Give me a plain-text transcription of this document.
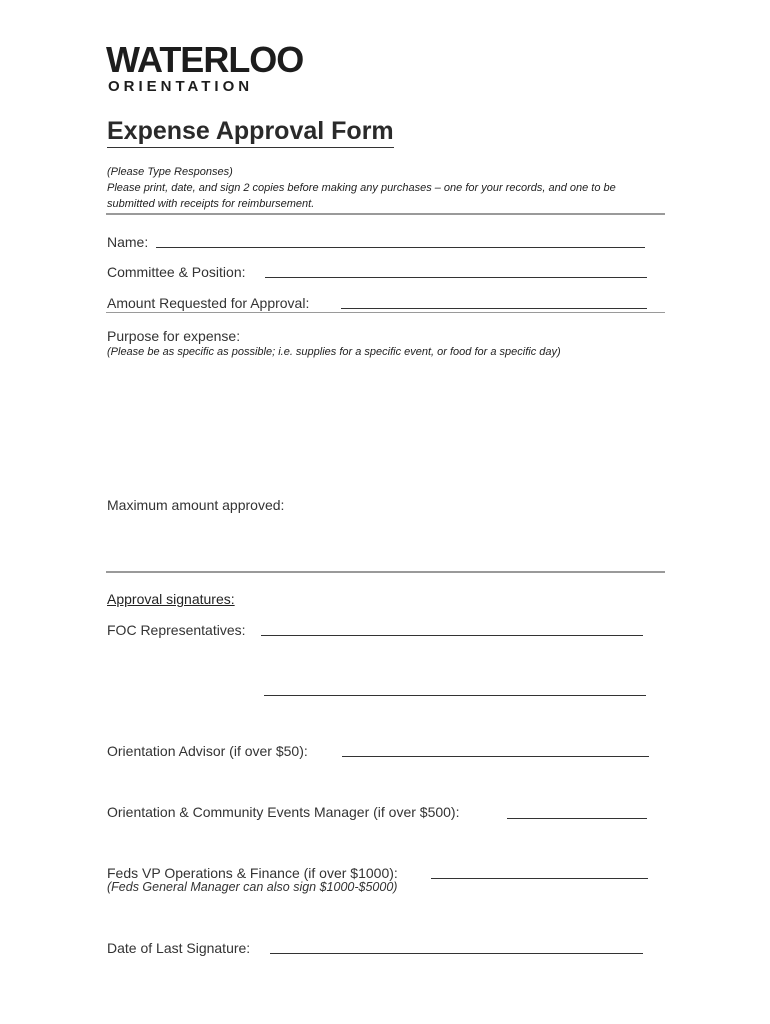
WATERLOO
ORIENTATION
Expense Approval Form
(Please Type Responses)
Please print, date, and sign 2 copies before making any purchases – one for your records, and one to be
submitted with receipts for reimbursement.
Name:
Committee & Position:
Amount Requested for Approval:
Purpose for expense:
(Please be as specific as possible; i.e. supplies for a specific event, or food for a specific day)
Maximum amount approved:
Approval signatures:
FOC Representatives:
Orientation Advisor (if over $50):
Orientation & Community Events Manager (if over $500):
Feds VP Operations & Finance (if over $1000):
(Feds General Manager can also sign $1000-$5000)
Date of Last Signature:
